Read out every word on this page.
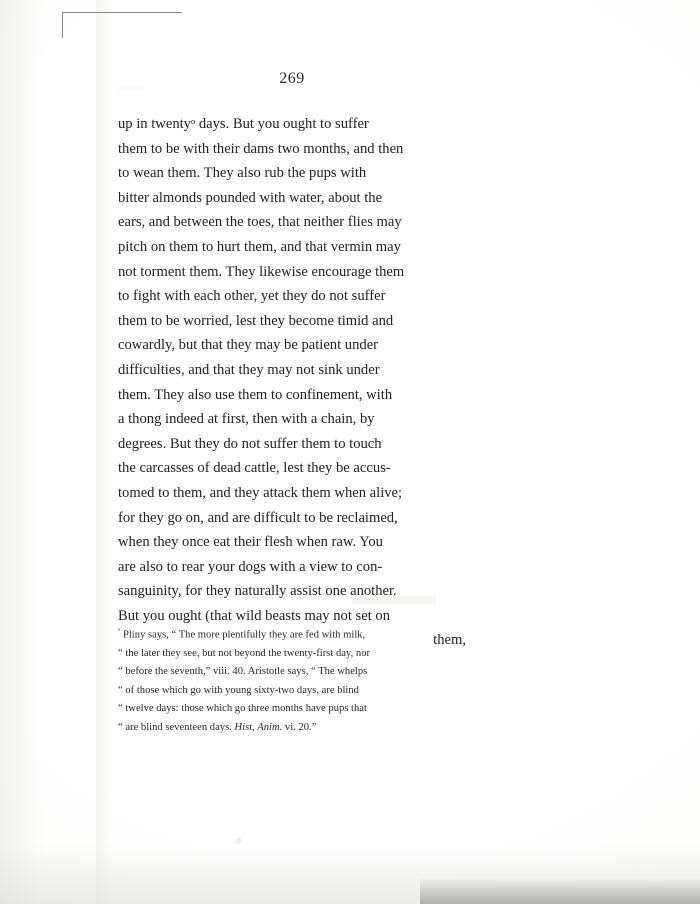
269

up in twentyᵒ days. But you ought to suffer
them to be with their dams two months, and then
to wean them. They also rub the pups with
bitter almonds pounded with water, about the
ears, and between the toes, that neither flies may
pitch on them to hurt them, and that vermin may
not torment them. They likewise encourage them
to fight with each other, yet they do not suffer
them to be worried, lest they become timid and
cowardly, but that they may be patient under
difficulties, and that they may not sink under
them. They also use them to confinement, with
a thong indeed at first, then with a chain, by
degrees. But they do not suffer them to touch
the carcasses of dead cattle, lest they be accus-
tomed to them, and they attack them when alive;
for they go on, and are difficult to be reclaimed,
when they once eat their flesh when raw. You
are also to rear your dogs with a view to con-
sanguinity, for they naturally assist one another.
But you ought (that wild beasts may not set on
them,

$^ᵒ$ Pliny says, “ The more plentifully they are fed with milk,
“ the later they see, but not beyond the twenty-first day, nor
“ before the seventh,” viii. 40. Aristotle says, “ The whelps
“ of those which go with young sixty-two days, are blind
“ twelve days: those which go three months have pups that
“ are blind seventeen days. Hist, Anim. vi. 20.”
